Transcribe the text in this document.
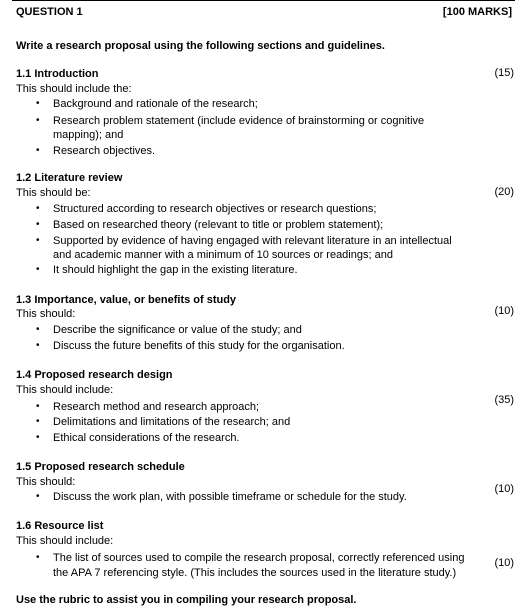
QUESTION 1	[100 MARKS]
Write a research proposal using the following sections and guidelines.
1.1 Introduction	(15)
This should include the:
• Background and rationale of the research;
• Research problem statement (include evidence of brainstorming or cognitive
mapping); and
• Research objectives.
1.2 Literature review
This should be:	(20)
• Structured according to research objectives or research questions;
• Based on researched theory (relevant to title or problem statement);
• Supported by evidence of having engaged with relevant literature in an intellectual
and academic manner with a minimum of 10 sources or readings; and
• It should highlight the gap in the existing literature.
1.3 Importance, value, or benefits of study
This should:	(10)
• Describe the significance or value of the study; and
• Discuss the future benefits of this study for the organisation.
1.4 Proposed research design
This should include:
(35)
• Research method and research approach;
• Delimitations and limitations of the research; and
• Ethical considerations of the research.
1.5 Proposed research schedule
This should:
(10)
• Discuss the work plan, with possible timeframe or schedule for the study.
1.6 Resource list
This should include:
(10)
• The list of sources used to compile the research proposal, correctly referenced using
the APA 7 referencing style. (This includes the sources used in the literature study.)
Use the rubric to assist you in compiling your research proposal.
